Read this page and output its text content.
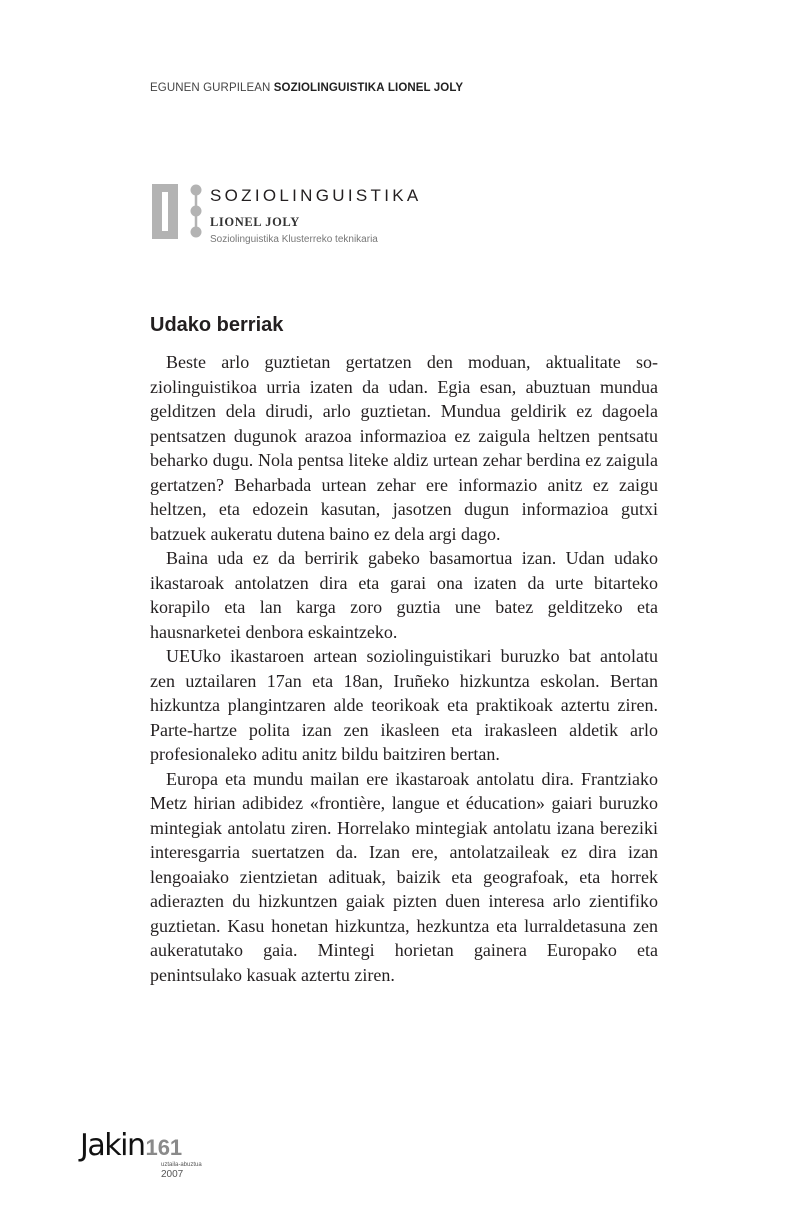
EGUNEN GURPILEAN SOZIOLINGUISTIKA LIONEL JOLY
SOZIOLINGUISTIKA
LIONEL JOLY
Soziolinguistika Klusterreko teknikaria
Udako berriak

Beste arlo guztietan gertatzen den moduan, aktualitate soziolinguistikoa urria izaten da udan. Egia esan, abuztuan mundua gelditzen dela dirudi, arlo guztietan. Mundua geldirik ez dagoela pentsatzen dugunok arazoa informazioa ez zaigula heltzen pentsatu beharko dugu. Nola pentsa liteke aldiz urtean zehar berdina ez zaigula gertatzen? Beharbada urtean zehar ere informazio anitz ez zaigu heltzen, eta edozein kasutan, jasotzen dugun informazioa gutxi batzuek aukeratu dutena baino ez dela argi dago.

Baina uda ez da berririk gabeko basamortua izan. Udan udako ikastaroak antolatzen dira eta garai ona izaten da urte bitarteko korapilo eta lan karga zoro guztia une batez gelditzeko eta hausnarketei denbora eskaintzeko.

UEUko ikastaroen artean soziolinguistikari buruzko bat antolatu zen uztailaren 17an eta 18an, Iruñeko hizkuntza eskolan. Bertan hizkuntza plangintzaren alde teorikoak eta praktikoak aztertu ziren. Parte-hartze polita izan zen ikasleen eta irakasleen aldetik arlo profesionaleko aditu anitz bildu baitziren bertan.

Europa eta mundu mailan ere ikastaroak antolatu dira. Frantziako Metz hirian adibidez «frontière, langue et éducation» gaiari buruzko mintegiak antolatu ziren. Horrelako mintegiak antolatu izana bereziki interesgarria suertatzen da. Izan ere, antolatzaileak ez dira izan lengoaiako zientzietan adituak, baizik eta geografoak, eta horrek adierazten du hizkuntzen gaiak pizten duen interesa arlo zientifiko guztietan. Kasu honetan hizkuntza, hezkuntza eta lurraldetasuna zen aukeratutako gaia. Mintegi horietan gainera Europako eta penintsulako kasuak aztertu ziren.

Jakin161
uztaila-abuztua
2007
